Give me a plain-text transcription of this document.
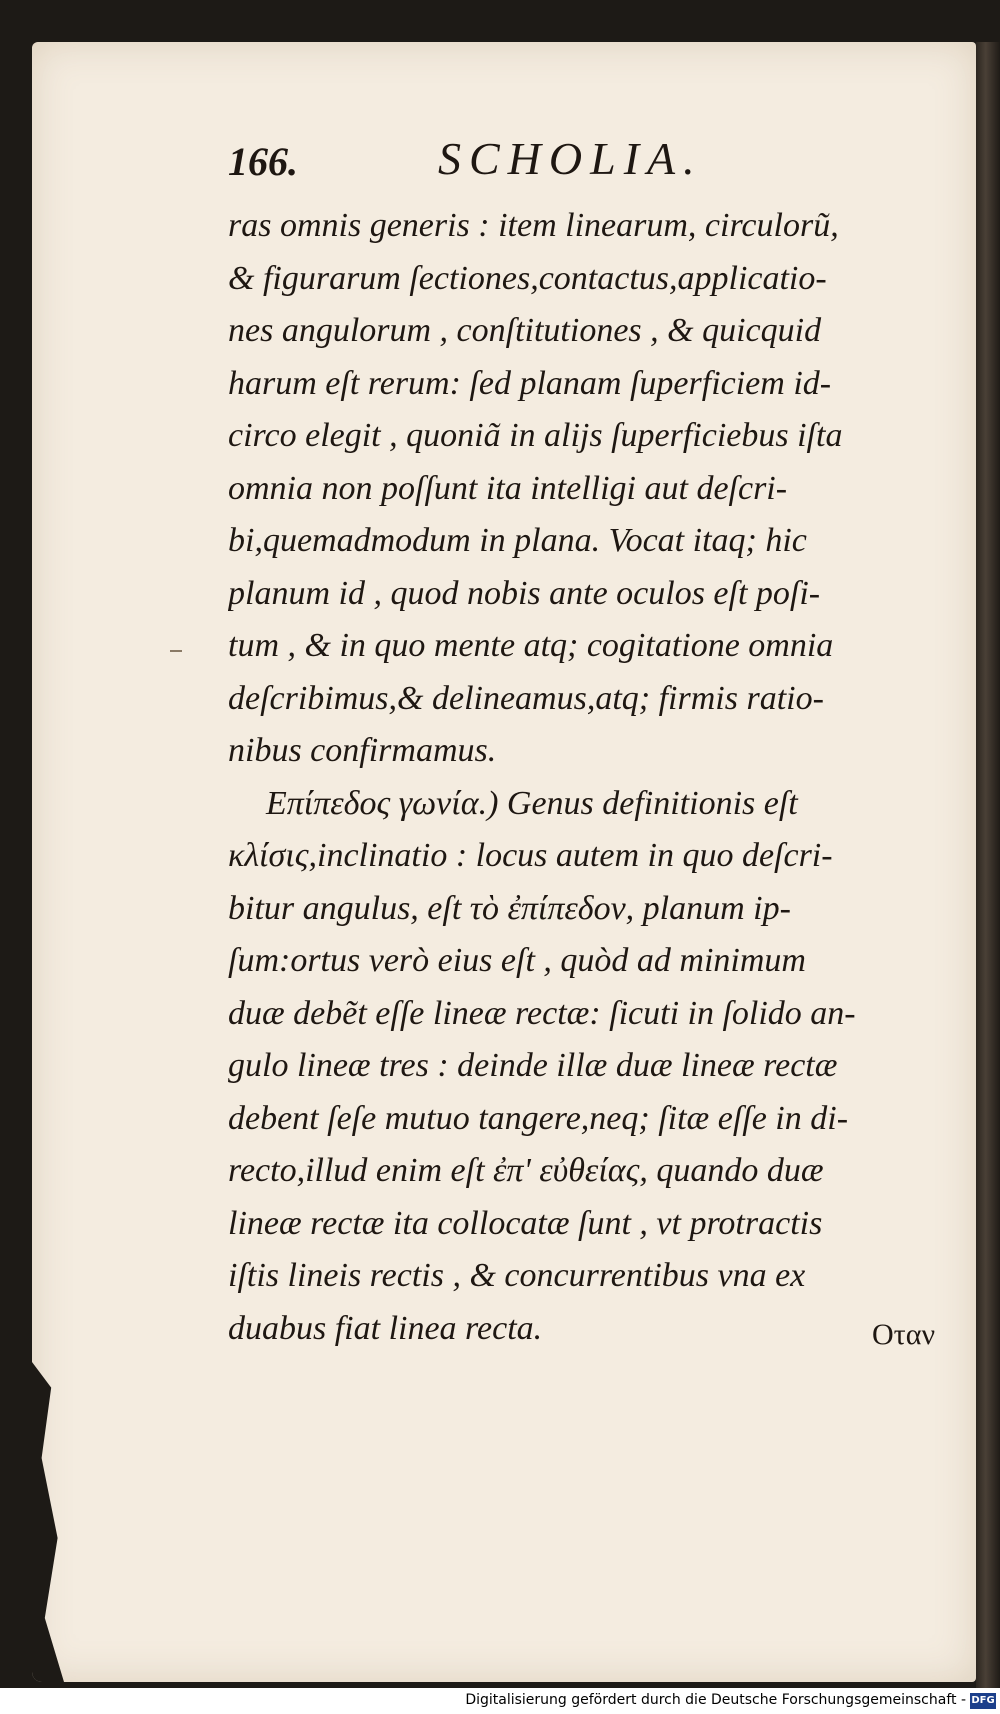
166.	SCHOLIA.
ras omnis generis : item linearum, circulorũ,
& figurarum ſectiones,contactus,applicatio-
nes angulorum , conſtitutiones , & quicquid
harum eſt rerum: ſed planam ſuperficiem id-
circo elegit , quoniã in alijs ſuperficiebus iſta
omnia non poſſunt ita intelligi aut deſcri-
bi,quemadmodum in plana. Vocat itaq; hic
planum id , quod nobis ante oculos eſt poſi-
tum , & in quo mente atq; cogitatione omnia
deſcribimus,& delineamus,atq; firmis ratio-
nibus confirmamus.
Επίπεδος γωνία.) Genus definitionis eſt
κλίσις,inclinatio : locus autem in quo deſcri-
bitur angulus, eſt τὸ ἐπίπεδον, planum ip-
ſum:ortus verò eius eſt , quòd ad minimum
duæ debẽt eſſe lineæ rectæ: ſicuti in ſolido an-
gulo lineæ tres : deinde illæ duæ lineæ rectæ
debent ſeſe mutuo tangere,neq; ſitæ eſſe in di-
recto,illud enim eſt ἐπ' εὐθείας, quando duæ
lineæ rectæ ita collocatæ ſunt , vt protractis
iſtis lineis rectis , & concurrentibus vna ex
duabus fiat linea recta.	Οταν
Digitalisierung gefördert durch die Deutsche Forschungsgemeinschaft - DFG
